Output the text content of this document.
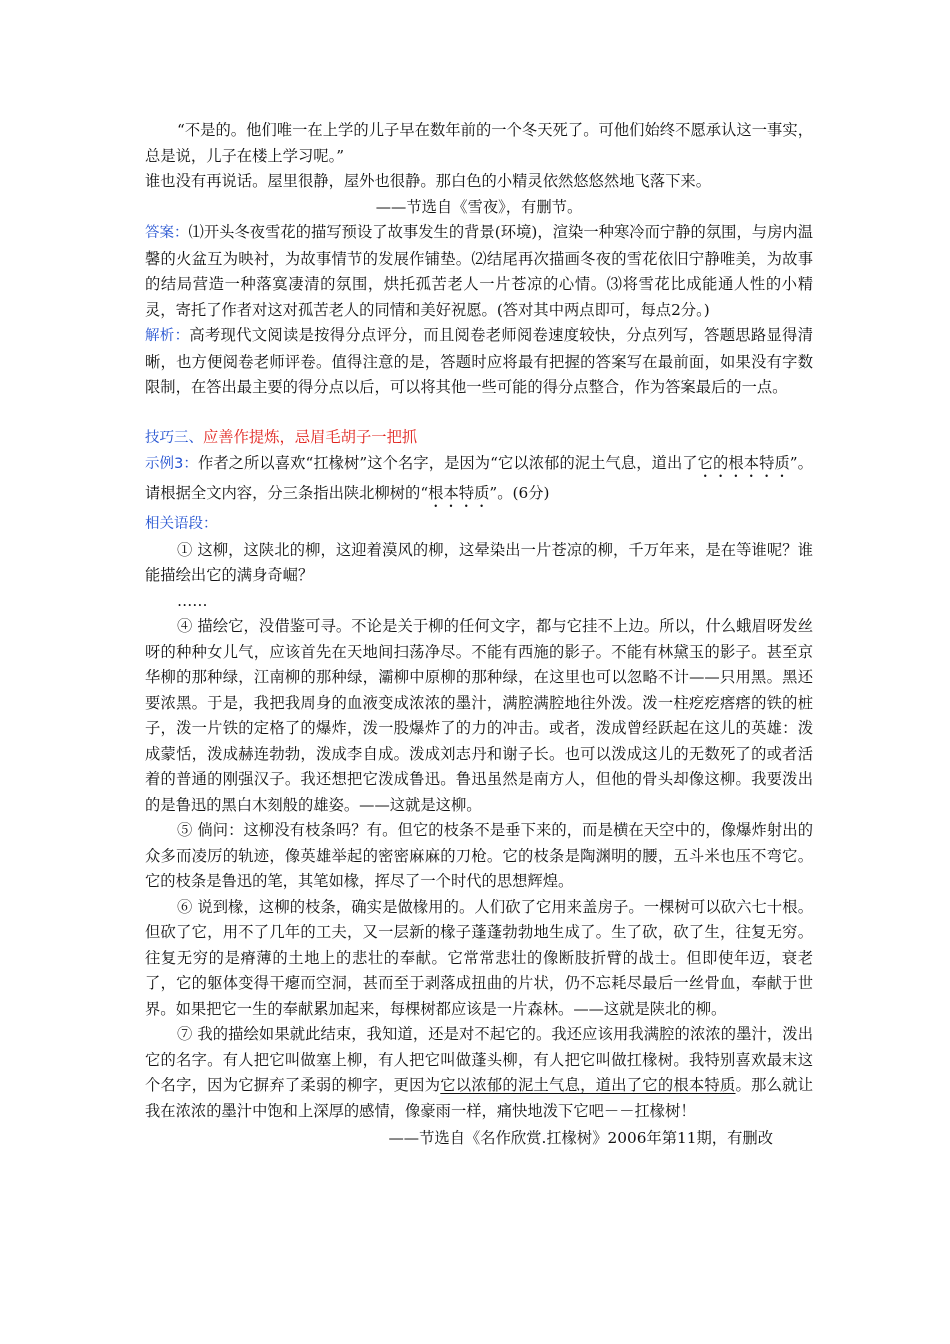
“不是的。他们唯一在上学的儿子早在数年前的一个冬天死了。可他们始终不愿承认这一事实，总是说，儿子在楼上学习呢。”

谁也没有再说话。屋里很静，屋外也很静。那白色的小精灵依然悠悠然地飞落下来。

——节选自《雪夜》，有删节。

答案：⑴开头冬夜雪花的描写预设了故事发生的背景(环境)，渲染一种寒冷而宁静的氛围，与房内温馨的火盆互为映衬，为故事情节的发展作铺垫。⑵结尾再次描画冬夜的雪花依旧宁静唯美，为故事的结局营造一种落寞凄清的氛围，烘托孤苦老人一片苍凉的心情。⑶将雪花比成能通人性的小精灵，寄托了作者对这对孤苦老人的同情和美好祝愿。(答对其中两点即可，每点2分。)

解析：高考现代文阅读是按得分点评分，而且阅卷老师阅卷速度较快，分点列写，答题思路显得清晰，也方便阅卷老师评卷。值得注意的是，答题时应将最有把握的答案写在最前面，如果没有字数限制，在答出最主要的得分点以后，可以将其他一些可能的得分点整合，作为答案最后的一点。

技巧三、应善作提炼，忌眉毛胡子一把抓

示例3：作者之所以喜欢“扛椽树”这个名字，是因为“它以浓郁的泥土气息，道出了它的根本特质”。请根据全文内容，分三条指出陕北柳树的“根本特质”。(6分)

相关语段：

① 这柳，这陕北的柳，这迎着漠风的柳，这晕染出一片苍凉的柳，千万年来，是在等谁呢？谁能描绘出它的满身奇崛？

……

④ 描绘它，没借鉴可寻。不论是关于柳的任何文字，都与它挂不上边。所以，什么蛾眉呀发丝呀的种种女儿气，应该首先在天地间扫荡净尽。不能有西施的影子。不能有林黛玉的影子。甚至京华柳的那种绿，江南柳的那种绿，灞柳中原柳的那种绿，在这里也可以忽略不计——只用黑。黑还要浓黑。于是，我把我周身的血液变成浓浓的墨汁，满腔满腔地往外泼。泼一柱疙疙瘩瘩的铁的桩子，泼一片铁的定格了的爆炸，泼一股爆炸了的力的冲击。或者，泼成曾经跃起在这儿的英雄：泼成蒙恬，泼成赫连勃勃，泼成李自成。泼成刘志丹和谢子长。也可以泼成这儿的无数死了的或者活着的普通的刚强汉子。我还想把它泼成鲁迅。鲁迅虽然是南方人，但他的骨头却像这柳。我要泼出的是鲁迅的黑白木刻般的雄姿。——这就是这柳。

⑤ 倘问：这柳没有枝条吗？有。但它的枝条不是垂下来的，而是横在天空中的，像爆炸射出的众多而凌厉的轨迹，像英雄举起的密密麻麻的刀枪。它的枝条是陶渊明的腰，五斗米也压不弯它。它的枝条是鲁迅的笔，其笔如椽，挥尽了一个时代的思想辉煌。

⑥ 说到椽，这柳的枝条，确实是做椽用的。人们砍了它用来盖房子。一棵树可以砍六七十根。但砍了它，用不了几年的工夫，又一层新的椽子蓬蓬勃勃地生成了。生了砍，砍了生，往复无穷。往复无穷的是瘠薄的土地上的悲壮的奉献。它常常悲壮的像断肢折臂的战士。但即使年迈，衰老了，它的躯体变得干瘪而空洞，甚而至于剥落成扭曲的片状，仍不忘耗尽最后一丝骨血，奉献于世界。如果把它一生的奉献累加起来，每棵树都应该是一片森林。——这就是陕北的柳。

⑦ 我的描绘如果就此结束，我知道，还是对不起它的。我还应该用我满腔的浓浓的墨汁，泼出它的名字。有人把它叫做塞上柳，有人把它叫做蓬头柳，有人把它叫做扛椽树。我特别喜欢最末这个名字，因为它摒弃了柔弱的柳字，更因为它以浓郁的泥土气息，道出了它的根本特质。那么就让我在浓浓的墨汁中饱和上深厚的感情，像豪雨一样，痛快地泼下它吧－－扛椽树！

——节选自《名作欣赏.扛椽树》2006年第11期，有删改
